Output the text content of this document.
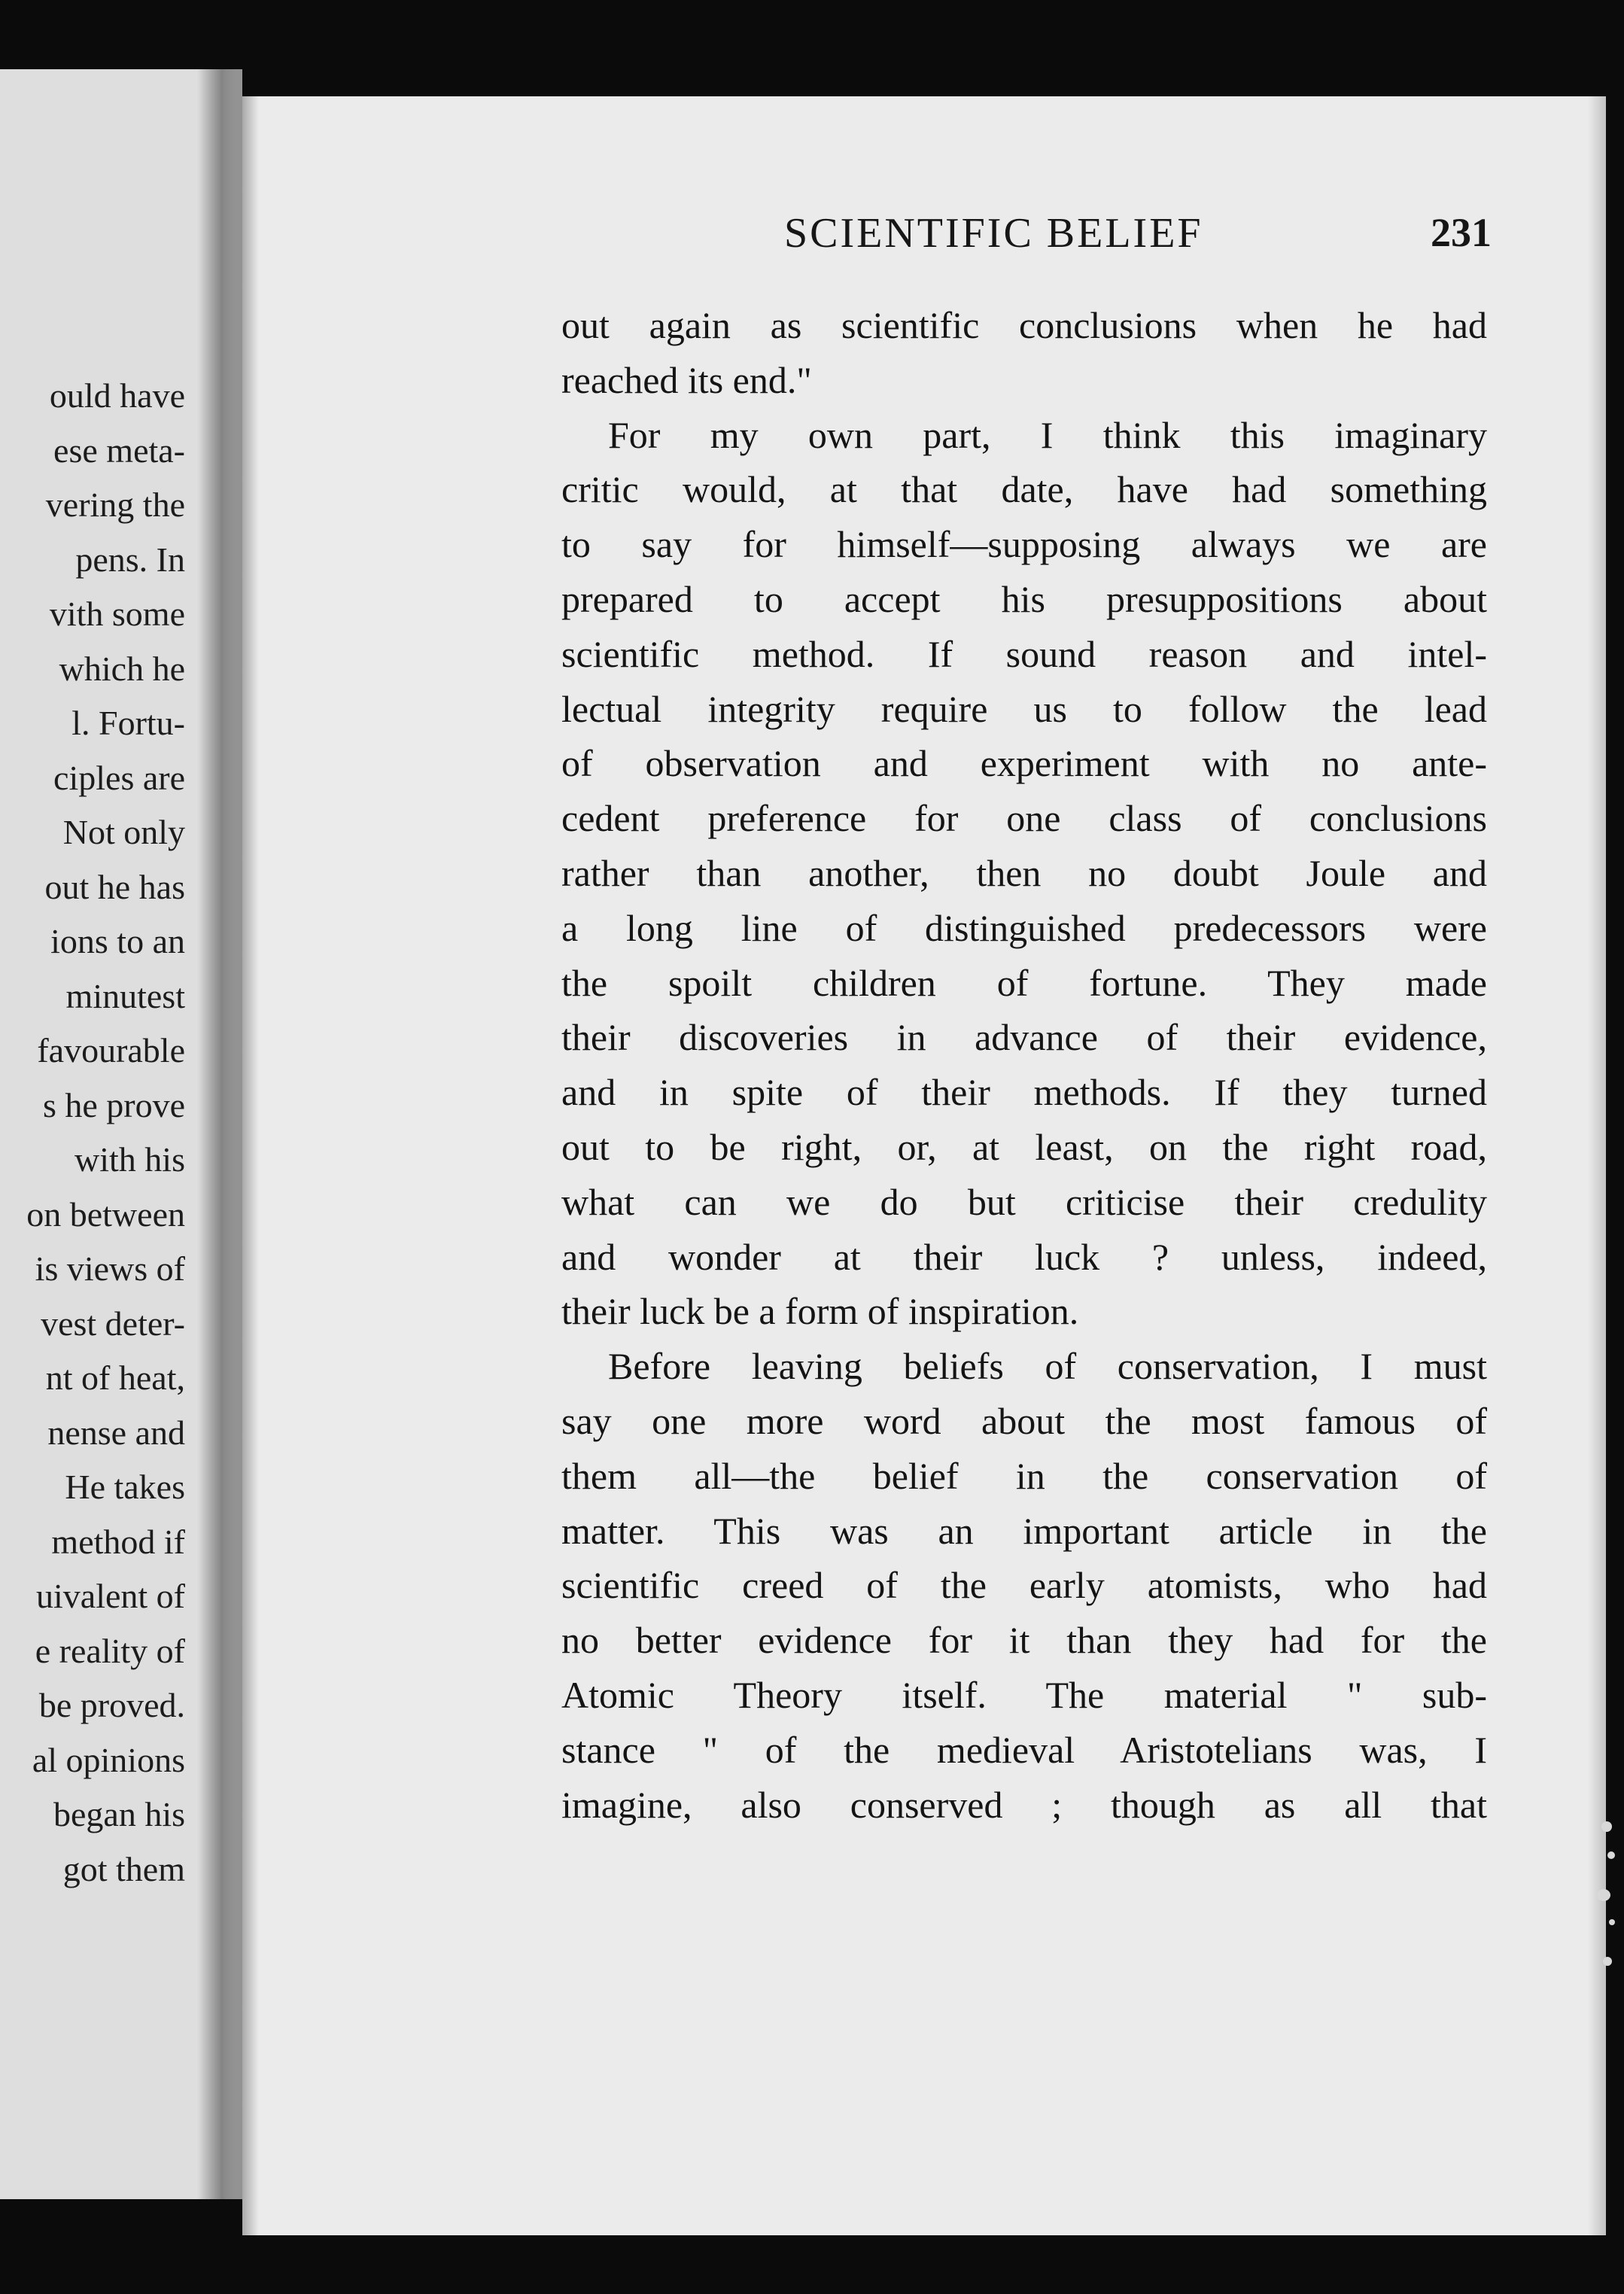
ould have
ese meta-
vering the
pens. In
vith some
which he
l. Fortu-
ciples are
Not only
out he has
ions to an
minutest
favourable
s he prove
with his
on between
is views of
vest deter-
nt of heat,
nense and
He takes
method if
uivalent of
e reality of
be proved.
al opinions
began his
got them
SCIENTIFIC BELIEF	231
out again as scientific conclusions when he had
reached its end."
For my own part, I think this imaginary
critic would, at that date, have had something
to say for himself—supposing always we are
prepared to accept his presuppositions about
scientific method. If sound reason and intel-
lectual integrity require us to follow the lead
of observation and experiment with no ante-
cedent preference for one class of conclusions
rather than another, then no doubt Joule and
a long line of distinguished predecessors were
the spoilt children of fortune. They made
their discoveries in advance of their evidence,
and in spite of their methods. If they turned
out to be right, or, at least, on the right road,
what can we do but criticise their credulity
and wonder at their luck ? unless, indeed,
their luck be a form of inspiration.
Before leaving beliefs of conservation, I must
say one more word about the most famous of
them all—the belief in the conservation of
matter. This was an important article in the
scientific creed of the early atomists, who had
no better evidence for it than they had for the
Atomic Theory itself. The material " sub-
stance " of the medieval Aristotelians was, I
imagine, also conserved ; though as all that
